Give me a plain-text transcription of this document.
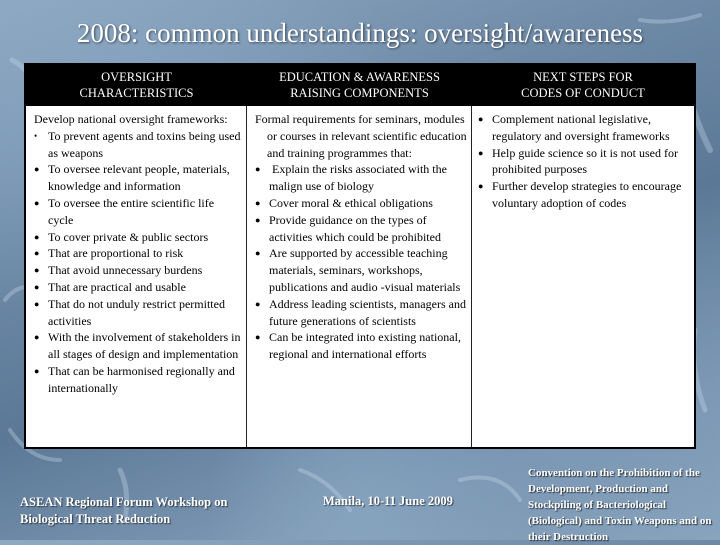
2008: common understandings: oversight/awareness
OVERSIGHT
CHARACTERISTICS
EDUCATION & AWARENESS
RAISING COMPONENTS
NEXT STEPS FOR
CODES OF CONDUCT
Develop national oversight frameworks:
• To prevent agents and toxins being used as weapons
● To oversee relevant people, materials, knowledge and information
● To oversee the entire scientific life cycle
● To cover private & public sectors
● That are proportional to risk
● That avoid unnecessary burdens
● That are practical and usable
● That do not unduly restrict permitted activities
● With the involvement of stakeholders in all stages of design and implementation
● That can be harmonised regionally and internationally
Formal requirements for seminars, modules or courses in relevant scientific education and training programmes that:
● Explain the risks associated with the malign use of biology
● Cover moral & ethical obligations
● Provide guidance on the types of activities which could be prohibited
● Are supported by accessible teaching materials, seminars, workshops, publications and audio -visual materials
● Address leading scientists, managers and future generations of scientists
● Can be integrated into existing national, regional and international efforts
● Complement national legislative, regulatory and oversight frameworks
● Help guide science so it is not used for prohibited purposes
● Further develop strategies to encourage voluntary adoption of codes
ASEAN Regional Forum Workshop on
Biological Threat Reduction
Manila, 10-11 June 2009
Convention on the Prohibition of the Development, Production and Stockpiling of Bacteriological (Biological) and Toxin Weapons and on their Destruction
